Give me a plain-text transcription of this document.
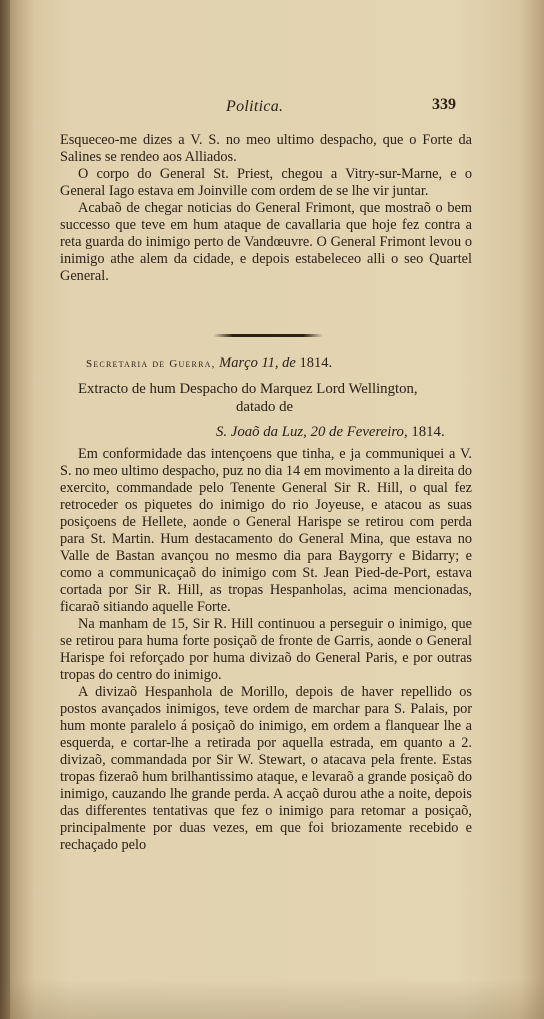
Politica.	339

Esqueceo-me dizes a V. S. no meo ultimo despacho, que o Forte da Salines se rendeo aos Alliados.

O corpo do General St. Priest, chegou a Vitry-sur-Marne, e o General Iago estava em Joinville com ordem de se lhe vir juntar.

Acabaõ de chegar noticias do General Frimont, que mostraõ o bem successo que teve em hum ataque de cavallaria que hoje fez contra a reta guarda do inimigo perto de Vandœuvre. O General Frimont levou o inimigo athe alem da cidade, e depois estabeleceo alli o seo Quartel General.

Secretaria de Guerra, Março 11, de 1814.
Extracto de hum Despacho do Marquez Lord Wellington,
datado de
S. Joaõ da Luz, 20 de Fevereiro, 1814.

Em conformidade das intençoens que tinha, e ja communiquei a V. S. no meo ultimo despacho, puz no dia 14 em movimento a la direita do exercito, commandade pelo Tenente General Sir R. Hill, o qual fez retroceder os piquetes do inimigo do rio Joyeuse, e atacou as suas posiçoens de Hellete, aonde o General Harispe se retirou com perda para St. Martin. Hum destacamento do General Mina, que estava no Valle de Bastan avançou no mesmo dia para Baygorry e Bidarry; e como a communicaçaõ do inimigo com St. Jean Pied-de-Port, estava cortada por Sir R. Hill, as tropas Hespanholas, acima mencionadas, ficaraõ sitiando aquelle Forte.

Na manham de 15, Sir R. Hill continuou a perseguir o inimigo, que se retirou para huma forte posiçaõ de fronte de Garris, aonde o General Harispe foi reforçado por huma divizaõ do General Paris, e por outras tropas do centro do inimigo.

A divizaõ Hespanhola de Morillo, depois de haver repellido os postos avançados inimigos, teve ordem de marchar para S. Palais, por hum monte paralelo á posiçaõ do inimigo, em ordem a flanquear lhe a esquerda, e cortar-lhe a retirada por aquella estrada, em quanto a 2. divizaõ, commandada por Sir W. Stewart, o atacava pela frente. Estas tropas fizeraõ hum brilhantissimo ataque, e levaraõ a grande posiçaõ do inimigo, cauzando lhe grande perda. A acçaõ durou athe a noite, depois das differentes tentativas que fez o inimigo para retomar a posiçaõ, principalmente por duas vezes, em que foi briozamente recebido e rechaçado pelo
